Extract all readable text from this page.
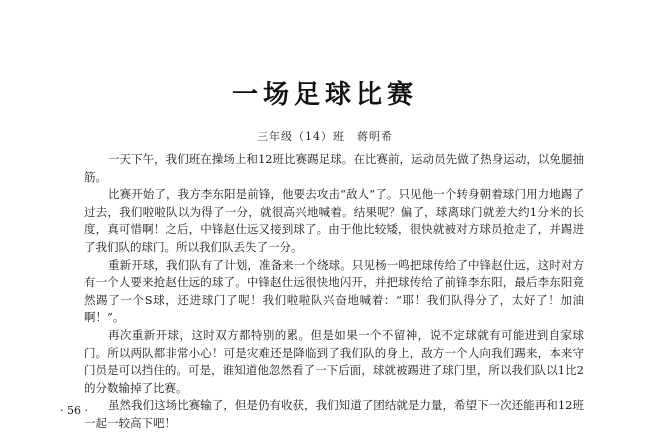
一场足球比赛
三年级（14）班　蒋明希

一天下午，我们班在操场上和12班比赛踢足球。在比赛前，运动员先做了热身运动，以免腿抽筋。

比赛开始了，我方李东阳是前锋，他要去攻击“敌人”了。只见他一个转身朝着球门用力地踢了过去，我们啦啦队以为得了一分，就很高兴地喊着。结果呢？偏了，球离球门就差大约1分米的长度，真可惜啊！之后，中锋赵仕远又接到球了。由于他比较矮，很快就被对方球员抢走了，并踢进了我们队的球门。所以我们队丢失了一分。

重新开球，我们队有了计划，准备来一个绕球。只见杨一鸣把球传给了中锋赵仕远，这时对方有一个人要来抢赵仕远的球了。中锋赵仕远很快地闪开，并把球传给了前锋李东阳，最后李东阳竟然踢了一个S球，还进球门了呢！我们啦啦队兴奋地喊着：“耶！我们队得分了，太好了！加油啊！”。

再次重新开球，这时双方都特别的累。但是如果一个不留神，说不定球就有可能进到自家球门。所以两队都非常小心！可是灾难还是降临到了我们队的身上，敌方一个人向我们踢来，本来守门员是可以挡住的。可是，谁知道他忽然看了一下后面，球就被踢进了球门里，所以我们队以1比2的分数输掉了比赛。

虽然我们这场比赛输了，但是仍有收获，我们知道了团结就是力量，希望下一次还能再和12班一起一较高下吧！

· 56 ·
